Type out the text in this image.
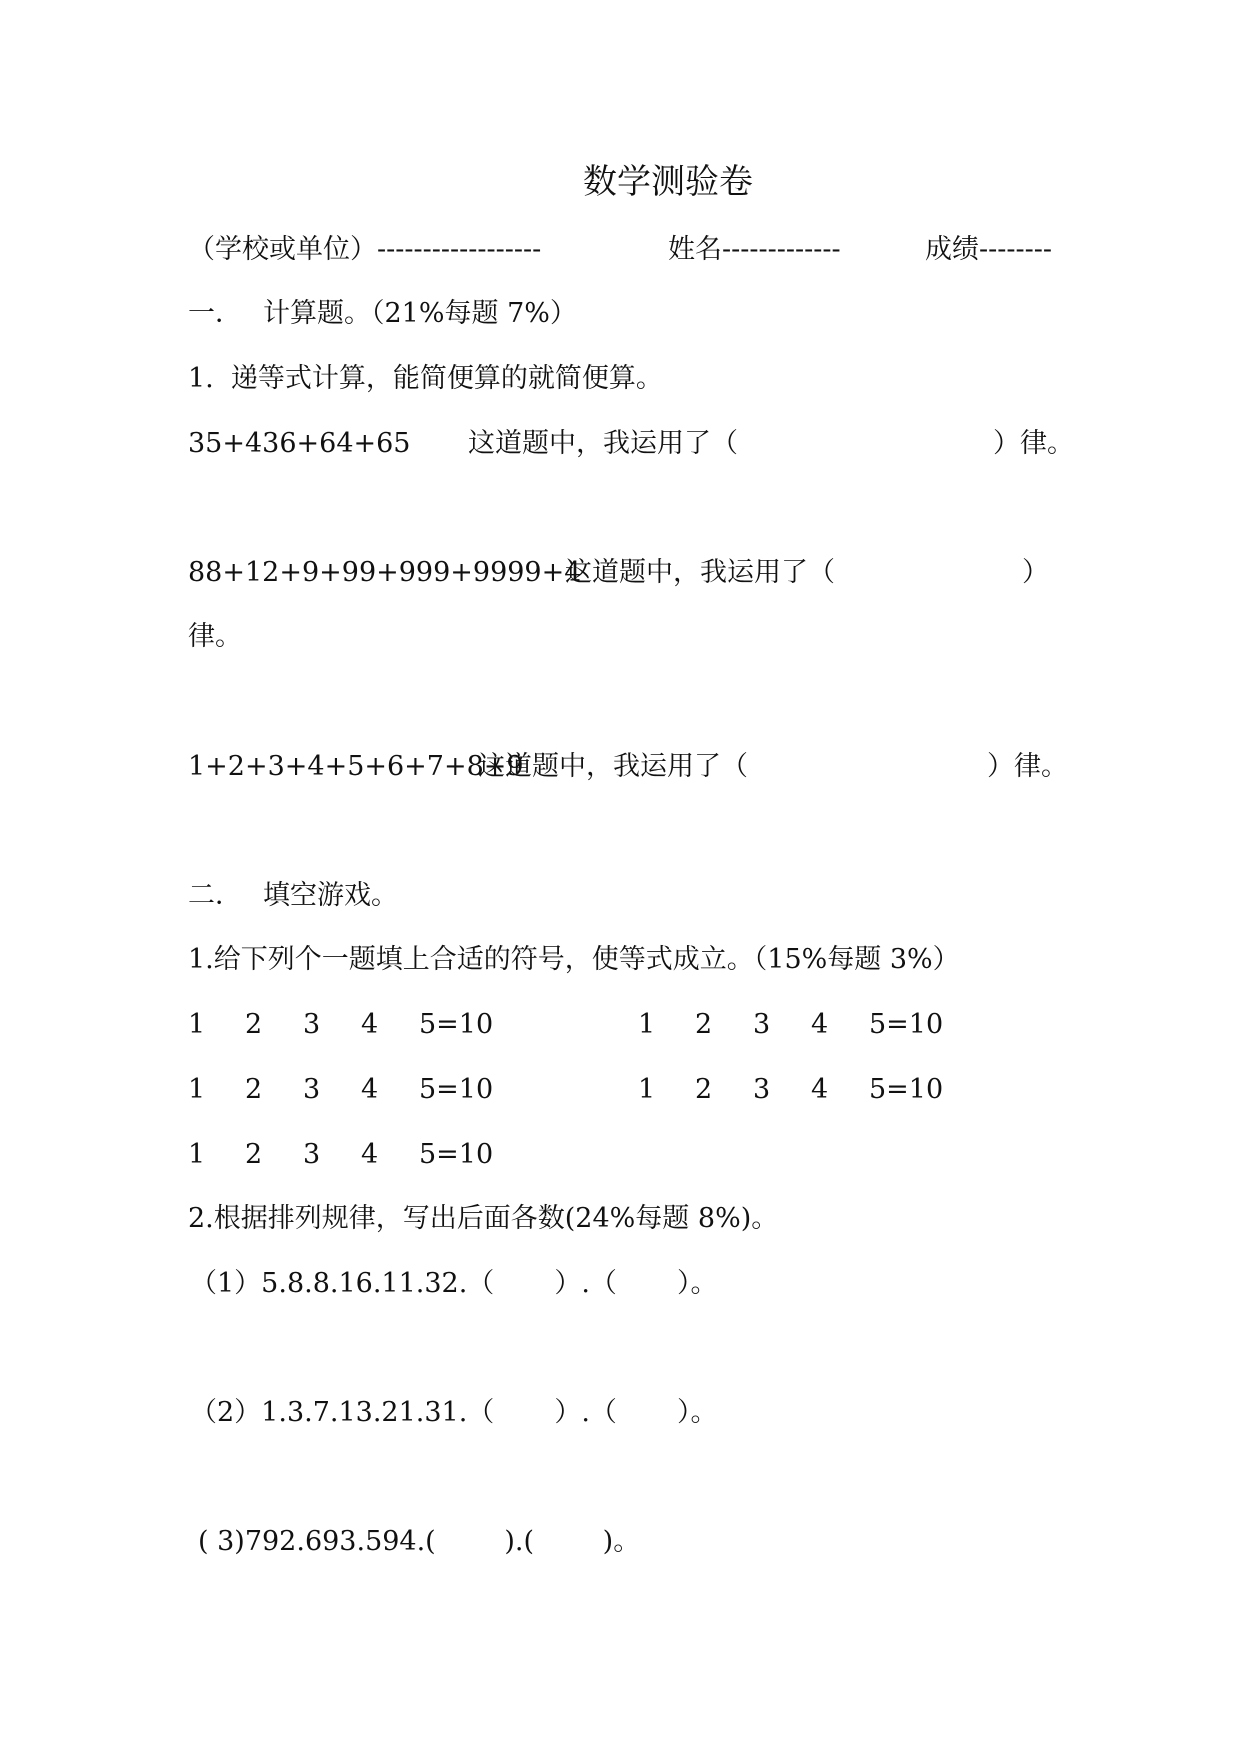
数学测验卷
（学校或单位）------------------	姓名-------------	成绩--------
一． 计算题。（21%每题 7%）
1.  递等式计算，能简便算的就简便算。
35+436+64+65 这道题中，我运用了（	）律。
88+12+9+99+999+9999+4
这道题中，我运用了（	）
律。
1+2+3+4+5+6+7+8+9
这道题中，我运用了（	）律。
二． 填空游戏。
1.给下列个一题填上合适的符号，使等式成立。（15%每题 3%）
1 2 3 4 5=10	1 2 3 4 5=10
1 2 3 4 5=10	1 2 3 4 5=10
1 2 3 4 5=10
2.根据排列规律，写出后面各数(24%每题 8%)。
（1）5.8.8.16.11.32.（       ）.（       ）。
（2）1.3.7.13.21.31.（       ）.（       ）。
( 3)792.693.594.(        ).(        )。
